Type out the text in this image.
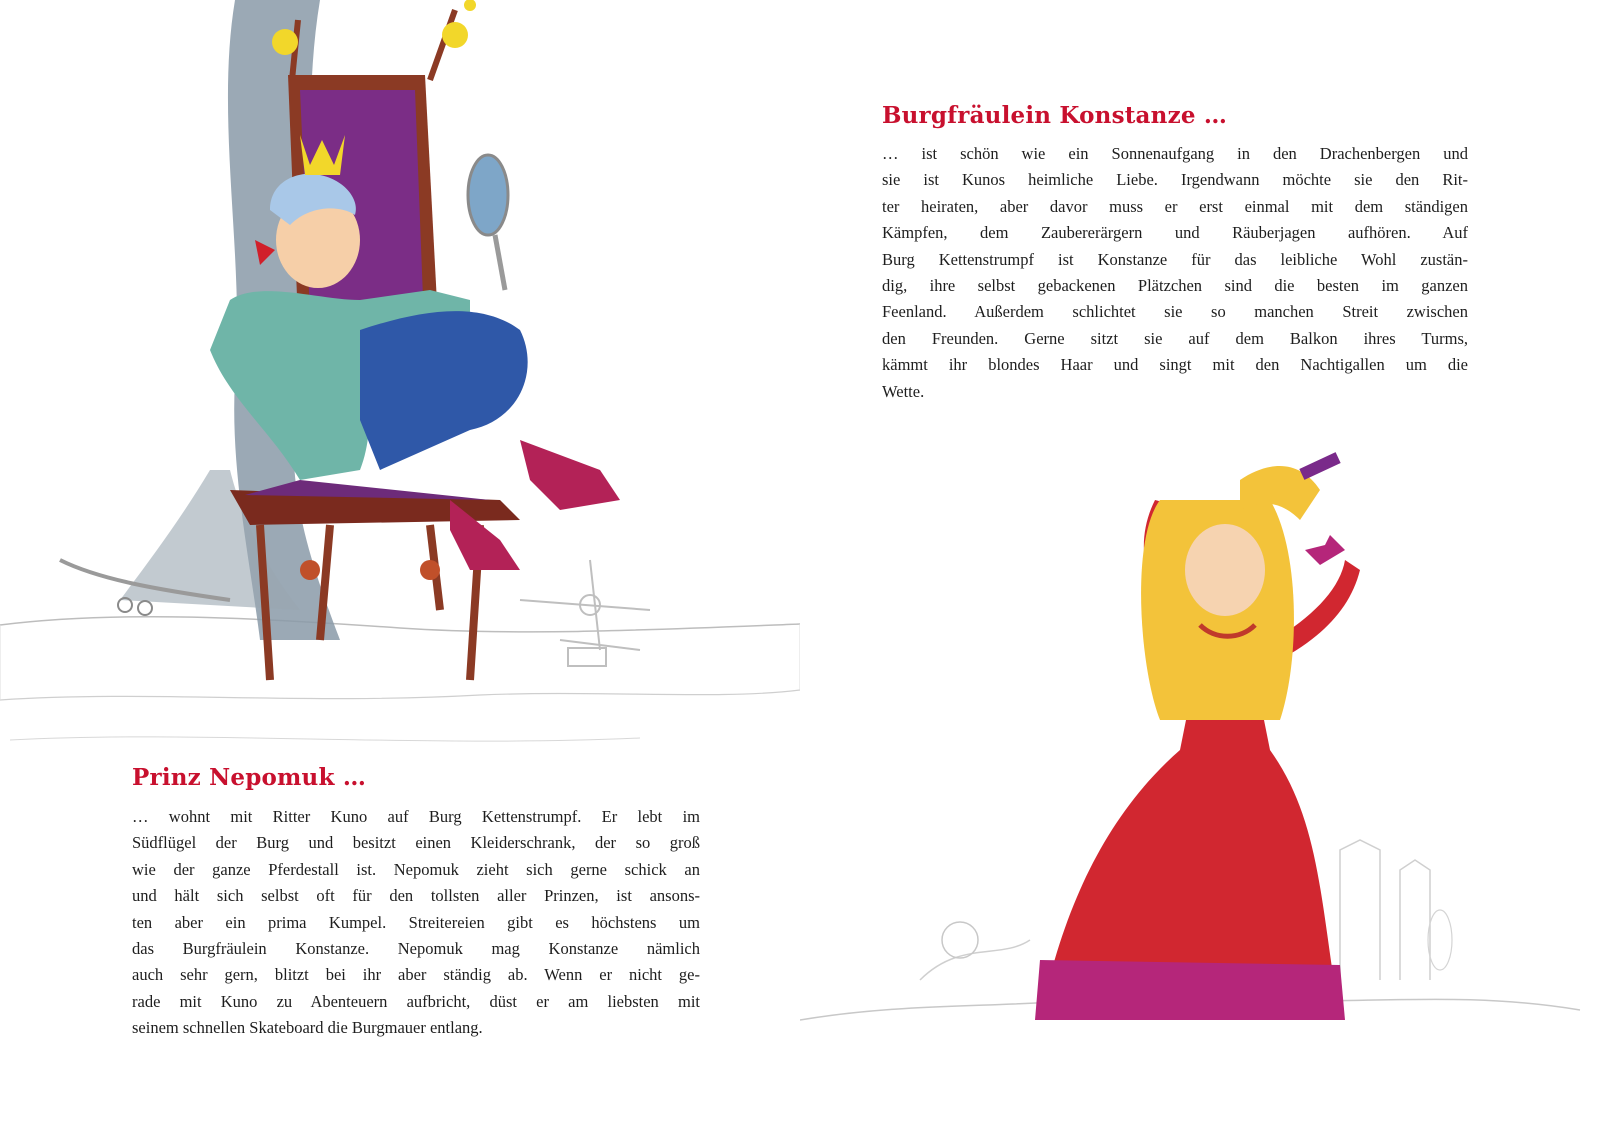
Prinz Nepomuk …
… wohnt mit Ritter Kuno auf Burg Kettenstrumpf. Er lebt im
Südflügel der Burg und besitzt einen Kleiderschrank, der so groß
wie der ganze Pferdestall ist. Nepomuk zieht sich gerne schick an
und hält sich selbst oft für den tollsten aller Prinzen, ist ansons-
ten aber ein prima Kumpel. Streitereien gibt es höchstens um
das Burgfräulein Konstanze. Nepomuk mag Konstanze nämlich
auch sehr gern, blitzt bei ihr aber ständig ab. Wenn er nicht ge-
rade mit Kuno zu Abenteuern aufbricht, düst er am liebsten mit
seinem schnellen Skateboard die Burgmauer entlang.
Burgfräulein Konstanze …
… ist schön wie ein Sonnenaufgang in den Drachenbergen und
sie ist Kunos heimliche Liebe. Irgendwann möchte sie den Rit-
ter heiraten, aber davor muss er erst einmal mit dem ständigen
Kämpfen, dem Zaubererärgern und Räuberjagen aufhören. Auf
Burg Kettenstrumpf ist Konstanze für das leibliche Wohl zustän-
dig, ihre selbst gebackenen Plätzchen sind die besten im ganzen
Feenland. Außerdem schlichtet sie so manchen Streit zwischen
den Freunden. Gerne sitzt sie auf dem Balkon ihres Turms,
kämmt ihr blondes Haar und singt mit den Nachtigallen um die
Wette.
